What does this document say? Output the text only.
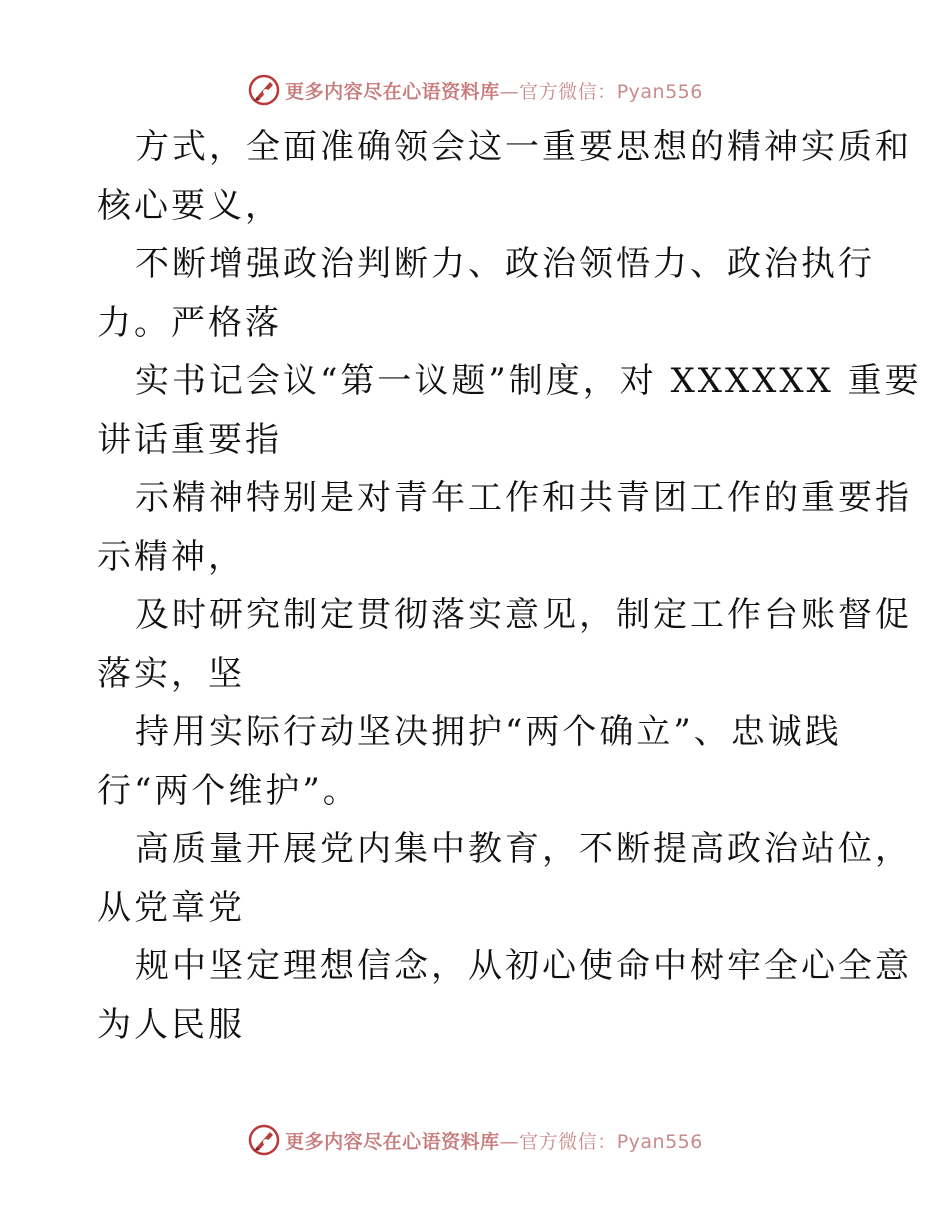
更多内容尽在心语资料库—官方微信：Pyan556
方式，全面准确领会这一重要思想的精神实质和
核心要义，
不断增强政治判断力、政治领悟力、政治执行
力。严格落
实书记会议“第一议题”制度，对 XXXXXX 重要
讲话重要指
示精神特别是对青年工作和共青团工作的重要指
示精神，
及时研究制定贯彻落实意见，制定工作台账督促
落实，坚
持用实际行动坚决拥护“两个确立”、忠诚践
行“两个维护”。
高质量开展党内集中教育，不断提高政治站位，
从党章党
规中坚定理想信念，从初心使命中树牢全心全意
为人民服
更多内容尽在心语资料库—官方微信：Pyan556
